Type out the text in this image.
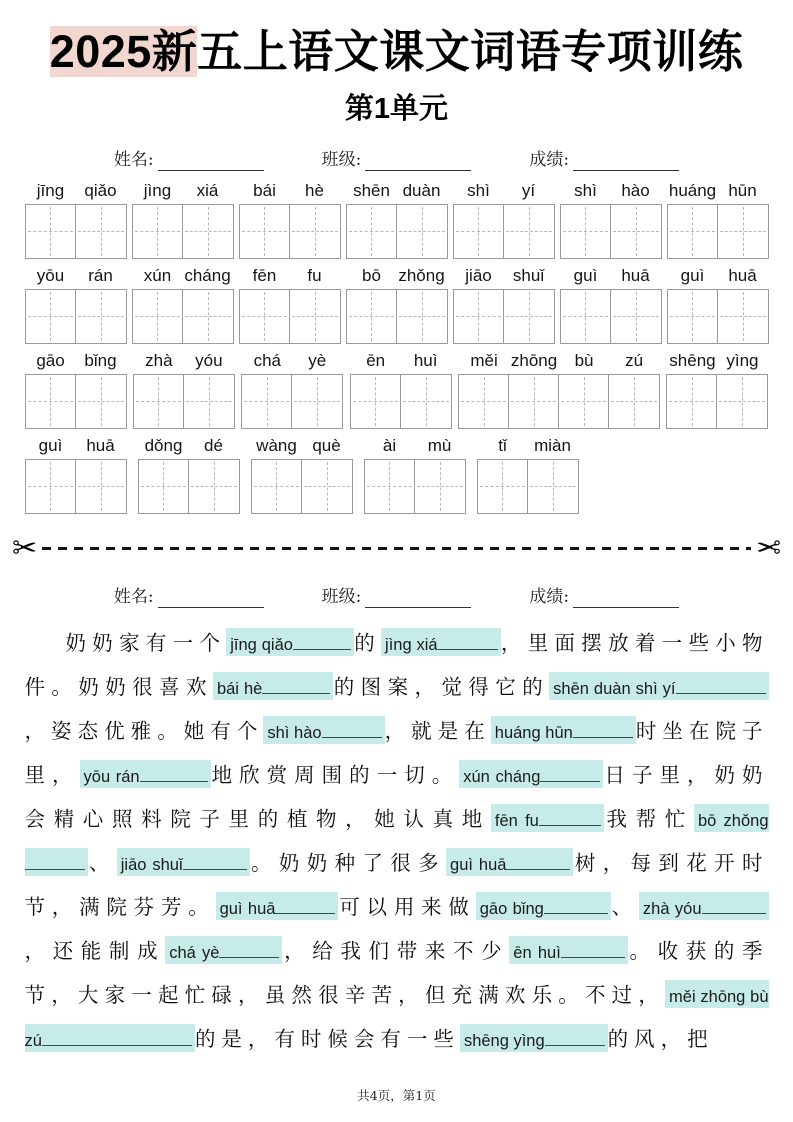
2025新五上语文课文词语专项训练
第1单元
姓名:	班级:	成绩:
jīng	qiǎo	jìng	xiá	bái	hè	shēn duàn	shì	yí	shì	hào	huáng hūn
yōu	rán	xún cháng	fēn	fu	bō	zhǒng	jiāo	shuǐ	guì	huā	guì	huā
gāo	bǐng	zhà	yóu	chá	yè	ēn	huì	měi zhōng	bù	zú	shēng yìng
guì	huā	dǒng	dé	wàng què	ài	mù	tǐ	miàn
✂	✂
姓名:	班级:	成绩:
奶奶家有一个 jīng qiǎo	的 jìng xiá	，里面摆放着一些小物件。奶奶很喜欢 bái hè	的图案，觉得它的 shēn duàn shì yí，姿态优雅。她有个 shì hào	，就是在 huáng hūn	时坐在院子里， yōu rán	地欣赏周围的一切。 xún cháng	日子里，奶奶会精心照料院子里的植物，她认真地 fēn fu	我帮忙 bō zhǒng、 jiāo shuǐ	。奶奶种了很多 guì huā	树，每到花开时节，满院芬芳。 guì huā	可以用来做 gāo bǐng	、 zhà yóu，还能制成 chá yè	，给我们带来不少 ēn huì	。收获的季节，大家一起忙碌，虽然很辛苦，但充满欢乐。不过， měi zhōng bù zú	的是，有时候会有一些 shēng yìng	的风，把
共4页，第1页
